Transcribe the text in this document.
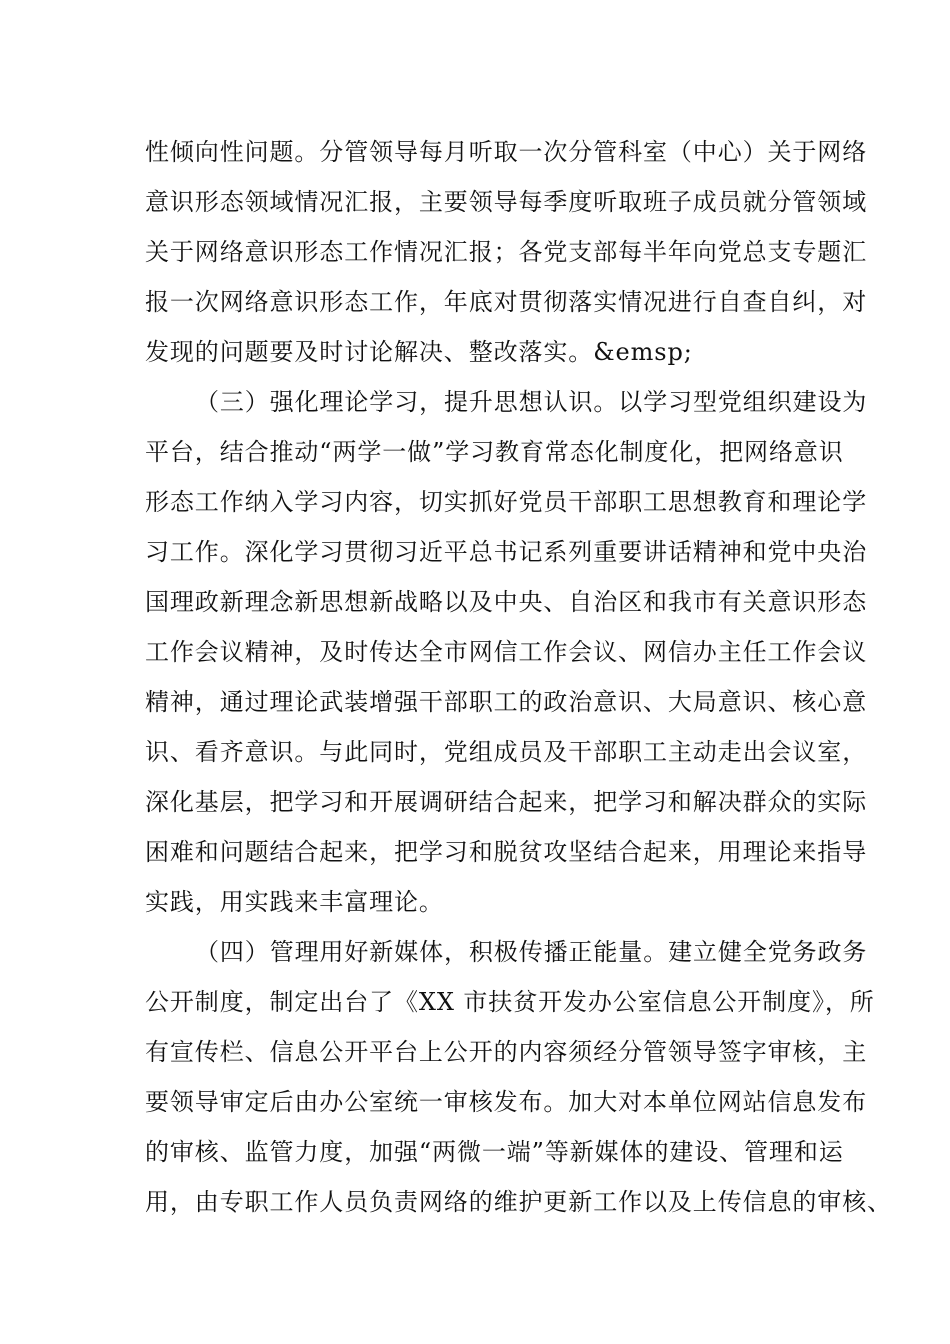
性倾向性问题。分管领导每月听取一次分管科室（中心）关于网络
意识形态领域情况汇报，主要领导每季度听取班子成员就分管领域
关于网络意识形态工作情况汇报；各党支部每半年向党总支专题汇
报一次网络意识形态工作，年底对贯彻落实情况进行自查自纠，对
发现的问题要及时讨论解决、整改落实。&emsp;
（三）强化理论学习，提升思想认识。以学习型党组织建设为
平台，结合推动“两学一做”学习教育常态化制度化，把网络意识
形态工作纳入学习内容，切实抓好党员干部职工思想教育和理论学
习工作。深化学习贯彻习近平总书记系列重要讲话精神和党中央治
国理政新理念新思想新战略以及中央、自治区和我市有关意识形态
工作会议精神，及时传达全市网信工作会议、网信办主任工作会议
精神，通过理论武装增强干部职工的政治意识、大局意识、核心意
识、看齐意识。与此同时，党组成员及干部职工主动走出会议室，
深化基层，把学习和开展调研结合起来，把学习和解决群众的实际
困难和问题结合起来，把学习和脱贫攻坚结合起来，用理论来指导
实践，用实践来丰富理论。
（四）管理用好新媒体，积极传播正能量。建立健全党务政务
公开制度，制定出台了《XX 市扶贫开发办公室信息公开制度》，所
有宣传栏、信息公开平台上公开的内容须经分管领导签字审核，主
要领导审定后由办公室统一审核发布。加大对本单位网站信息发布
的审核、监管力度，加强“两微一端”等新媒体的建设、管理和运
用，由专职工作人员负责网络的维护更新工作以及上传信息的审核、
